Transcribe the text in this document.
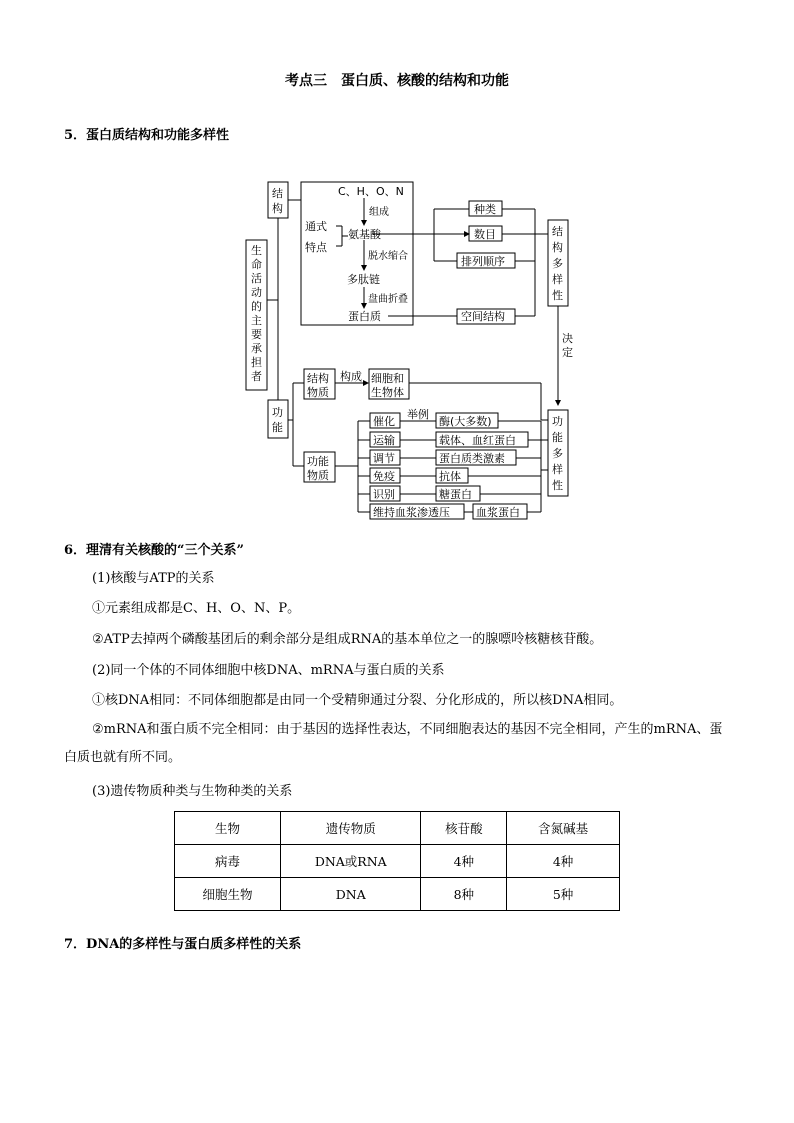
考点三　蛋白质、核酸的结构和功能
5．蛋白质结构和功能多样性
生
命
活
动
的
主
要
承
担
者
结
构
功
能
C、H、O、N
组成
通式
特点
氨基酸
脱水缩合
多肽链
盘曲折叠
蛋白质
种类
数目
排列顺序
空间结构
结
构
多
样
性
决
定
功
能
多
样
性
结构
物质
构成 细胞和
生物体
功能
物质
举例
催化
运输
调节
免疫
识别
维持血浆渗透压
酶(大多数)
载体、血红蛋白
蛋白质类激素
抗体
糖蛋白
血浆蛋白
6．理清有关核酸的“三个关系”
(1)核酸与ATP的关系
①元素组成都是C、H、O、N、P。
②ATP去掉两个磷酸基团后的剩余部分是组成RNA的基本单位之一的腺嘌呤核糖核苷酸。
(2)同一个体的不同体细胞中核DNA、mRNA与蛋白质的关系
①核DNA相同：不同体细胞都是由同一个受精卵通过分裂、分化形成的，所以核DNA相同。
②mRNA和蛋白质不完全相同：由于基因的选择性表达，不同细胞表达的基因不完全相同，产生的mRNA、蛋白质也就有所不同。
(3)遗传物质种类与生物种类的关系
生物	遗传物质	核苷酸	含氮碱基
病毒	DNA或RNA	4种	4种
细胞生物	DNA	8种	5种
7．DNA的多样性与蛋白质多样性的关系
